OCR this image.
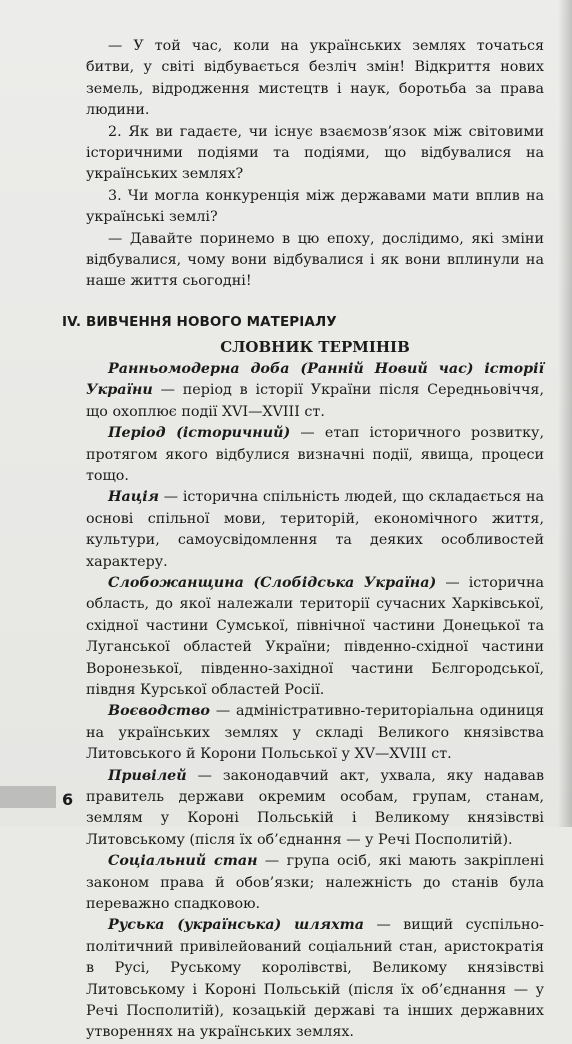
— У той час, коли на українських землях точаться битви, у світі відбувається безліч змін! Відкриття нових земель, відродження мистецтв і наук, боротьба за права людини.

2. Як ви гадаєте, чи існує взаємозв’язок між світовими історичними подіями та подіями, що відбувалися на українських землях?

3. Чи могла конкуренція між державами мати вплив на українські землі?

— Давайте поринемо в цю епоху, дослідимо, які зміни відбувалися, чому вони відбувалися і як вони вплинули на наше життя сьогодні!

IV. ВИВЧЕННЯ НОВОГО МАТЕРІАЛУ
СЛОВНИК ТЕРМІНІВ

Ранньомодерна доба (Ранній Новий час) історії України — період в історії України після Середньовіччя, що охоплює події XVI—XVIII ст.

Період (історичний) — етап історичного розвитку, протягом якого відбулися визначні події, явища, процеси тощо.

Нація — історична спільність людей, що складається на основі спільної мови, територій, економічного життя, культури, самоусвідомлення та деяких особливостей характеру.

Слобожанщина (Слобідська Україна) — історична область, до якої належали території сучасних Харківської, східної частини Сумської, північної частини Донецької та Луганської областей України; південно-східної частини Воронезької, південно-західної частини Бєлгородської, півдня Курської областей Росії.

Воєводство — адміністративно-територіальна одиниця на українських землях у складі Великого князівства Литовського й Корони Польської у XV—XVIII ст.

Привілей — законодавчий акт, ухвала, яку надавав правитель держави окремим особам, групам, станам, землям у Короні Польській і Великому князівстві Литовському (після їх об’єднання — у Речі Посполитій).

Соціальний стан — група осіб, які мають закріплені законом права й обов’язки; належність до станів була переважно спадковою.

Руська (українська) шляхта — вищий суспільно-політичний привілейований соціальний стан, аристократія в Русі, Руському королівстві, Великому князівстві Литовському і Короні Польській (після їх об’єднання — у Речі Посполитій), козацькій державі та інших державних утвореннях на українських землях.

6
